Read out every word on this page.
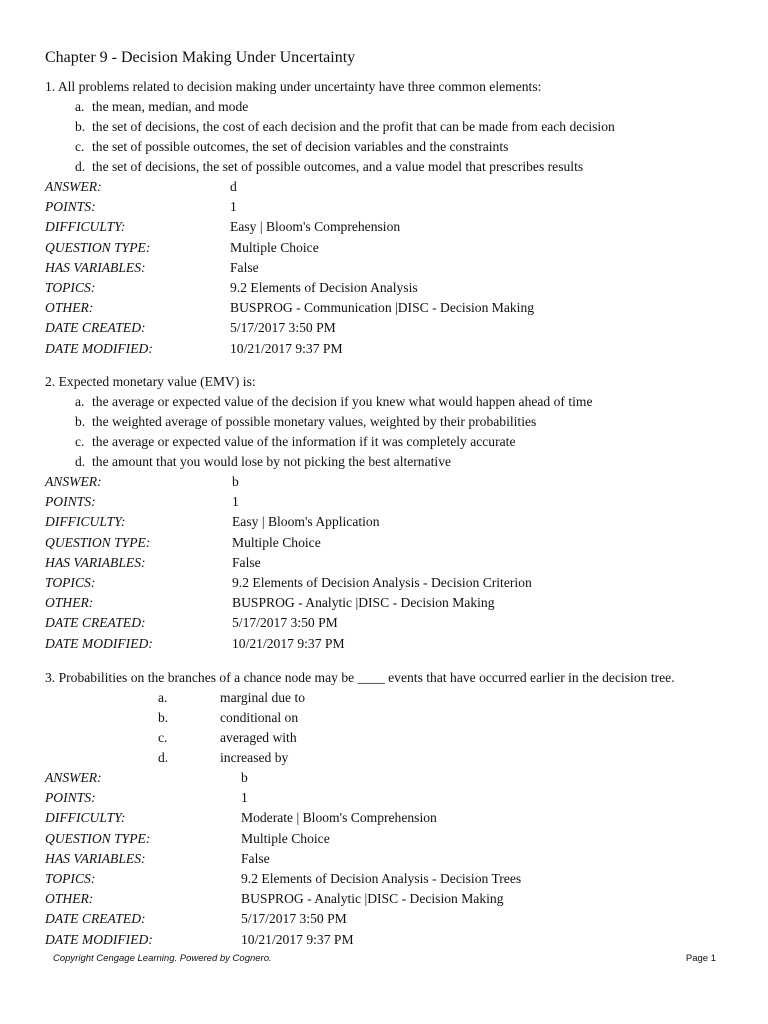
Chapter 9 - Decision Making Under Uncertainty
1. All problems related to decision making under uncertainty have three common elements:
a. the mean, median, and mode
b. the set of decisions, the cost of each decision and the profit that can be made from each decision
c. the set of possible outcomes, the set of decision variables and the constraints
d. the set of decisions, the set of possible outcomes, and a value model that prescribes results
ANSWER:	d
POINTS:	1
DIFFICULTY:	Easy | Bloom's Comprehension
QUESTION TYPE:	Multiple Choice
HAS VARIABLES:	False
TOPICS:	9.2 Elements of Decision Analysis
OTHER:	BUSPROG - Communication |DISC - Decision Making
DATE CREATED:	5/17/2017 3:50 PM
DATE MODIFIED:	10/21/2017 9:37 PM
2. Expected monetary value (EMV) is:
a. the average or expected value of the decision if you knew what would happen ahead of time
b. the weighted average of possible monetary values, weighted by their probabilities
c. the average or expected value of the information if it was completely accurate
d. the amount that you would lose by not picking the best alternative
ANSWER:	b
POINTS:	1
DIFFICULTY:	Easy | Bloom's Application
QUESTION TYPE:	Multiple Choice
HAS VARIABLES:	False
TOPICS:	9.2 Elements of Decision Analysis - Decision Criterion
OTHER:	BUSPROG - Analytic |DISC - Decision Making
DATE CREATED:	5/17/2017 3:50 PM
DATE MODIFIED:	10/21/2017 9:37 PM
3. Probabilities on the branches of a chance node may be ____ events that have occurred earlier in the decision tree.
a.	marginal due to
b.	conditional on
c.	averaged with
d.	increased by
ANSWER:	b
POINTS:	1
DIFFICULTY:	Moderate | Bloom's Comprehension
QUESTION TYPE:	Multiple Choice
HAS VARIABLES:	False
TOPICS:	9.2 Elements of Decision Analysis - Decision Trees
OTHER:	BUSPROG - Analytic |DISC - Decision Making
DATE CREATED:	5/17/2017 3:50 PM
DATE MODIFIED:	10/21/2017 9:37 PM
Copyright Cengage Learning. Powered by Cognero.	Page 1
